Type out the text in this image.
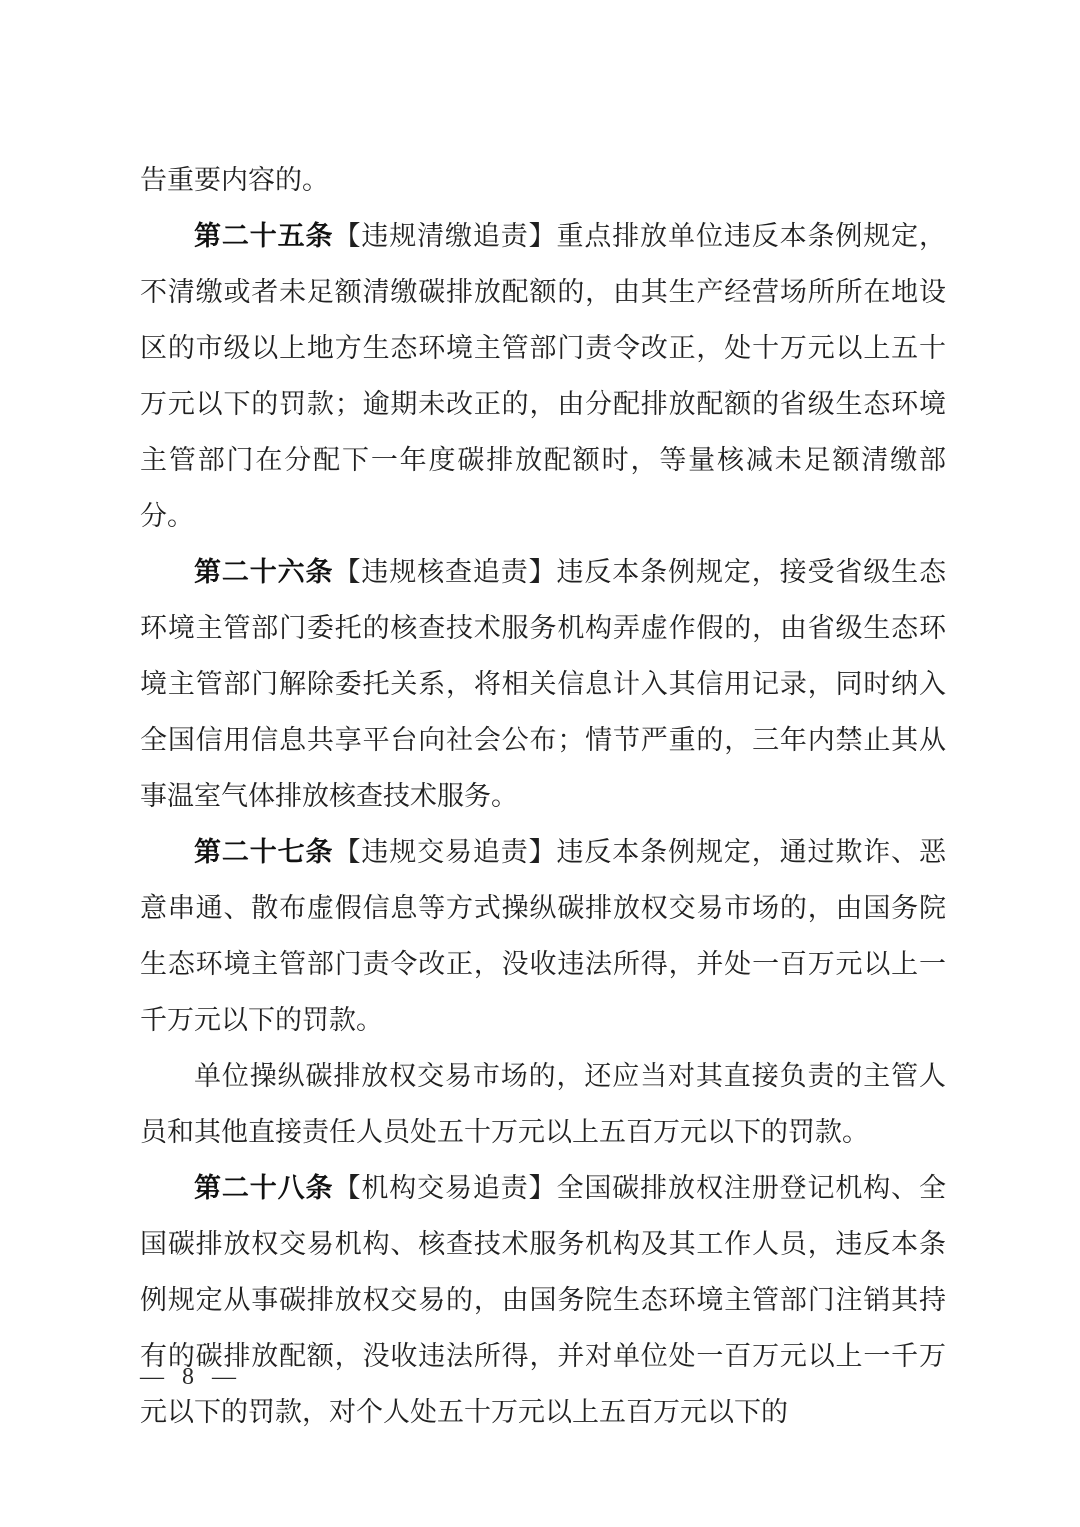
告重要内容的。

第二十五条【违规清缴追责】重点排放单位违反本条例规定，不清缴或者未足额清缴碳排放配额的，由其生产经营场所所在地设区的市级以上地方生态环境主管部门责令改正，处十万元以上五十万元以下的罚款；逾期未改正的，由分配排放配额的省级生态环境主管部门在分配下一年度碳排放配额时，等量核减未足额清缴部分。

第二十六条【违规核查追责】违反本条例规定，接受省级生态环境主管部门委托的核查技术服务机构弄虚作假的，由省级生态环境主管部门解除委托关系，将相关信息计入其信用记录，同时纳入全国信用信息共享平台向社会公布；情节严重的，三年内禁止其从事温室气体排放核查技术服务。

第二十七条【违规交易追责】违反本条例规定，通过欺诈、恶意串通、散布虚假信息等方式操纵碳排放权交易市场的，由国务院生态环境主管部门责令改正，没收违法所得，并处一百万元以上一千万元以下的罚款。

单位操纵碳排放权交易市场的，还应当对其直接负责的主管人员和其他直接责任人员处五十万元以上五百万元以下的罚款。

第二十八条【机构交易追责】全国碳排放权注册登记机构、全国碳排放权交易机构、核查技术服务机构及其工作人员，违反本条例规定从事碳排放权交易的，由国务院生态环境主管部门注销其持有的碳排放配额，没收违法所得，并对单位处一百万元以上一千万元以下的罚款，对个人处五十万元以上五百万元以下的

— 8 —
